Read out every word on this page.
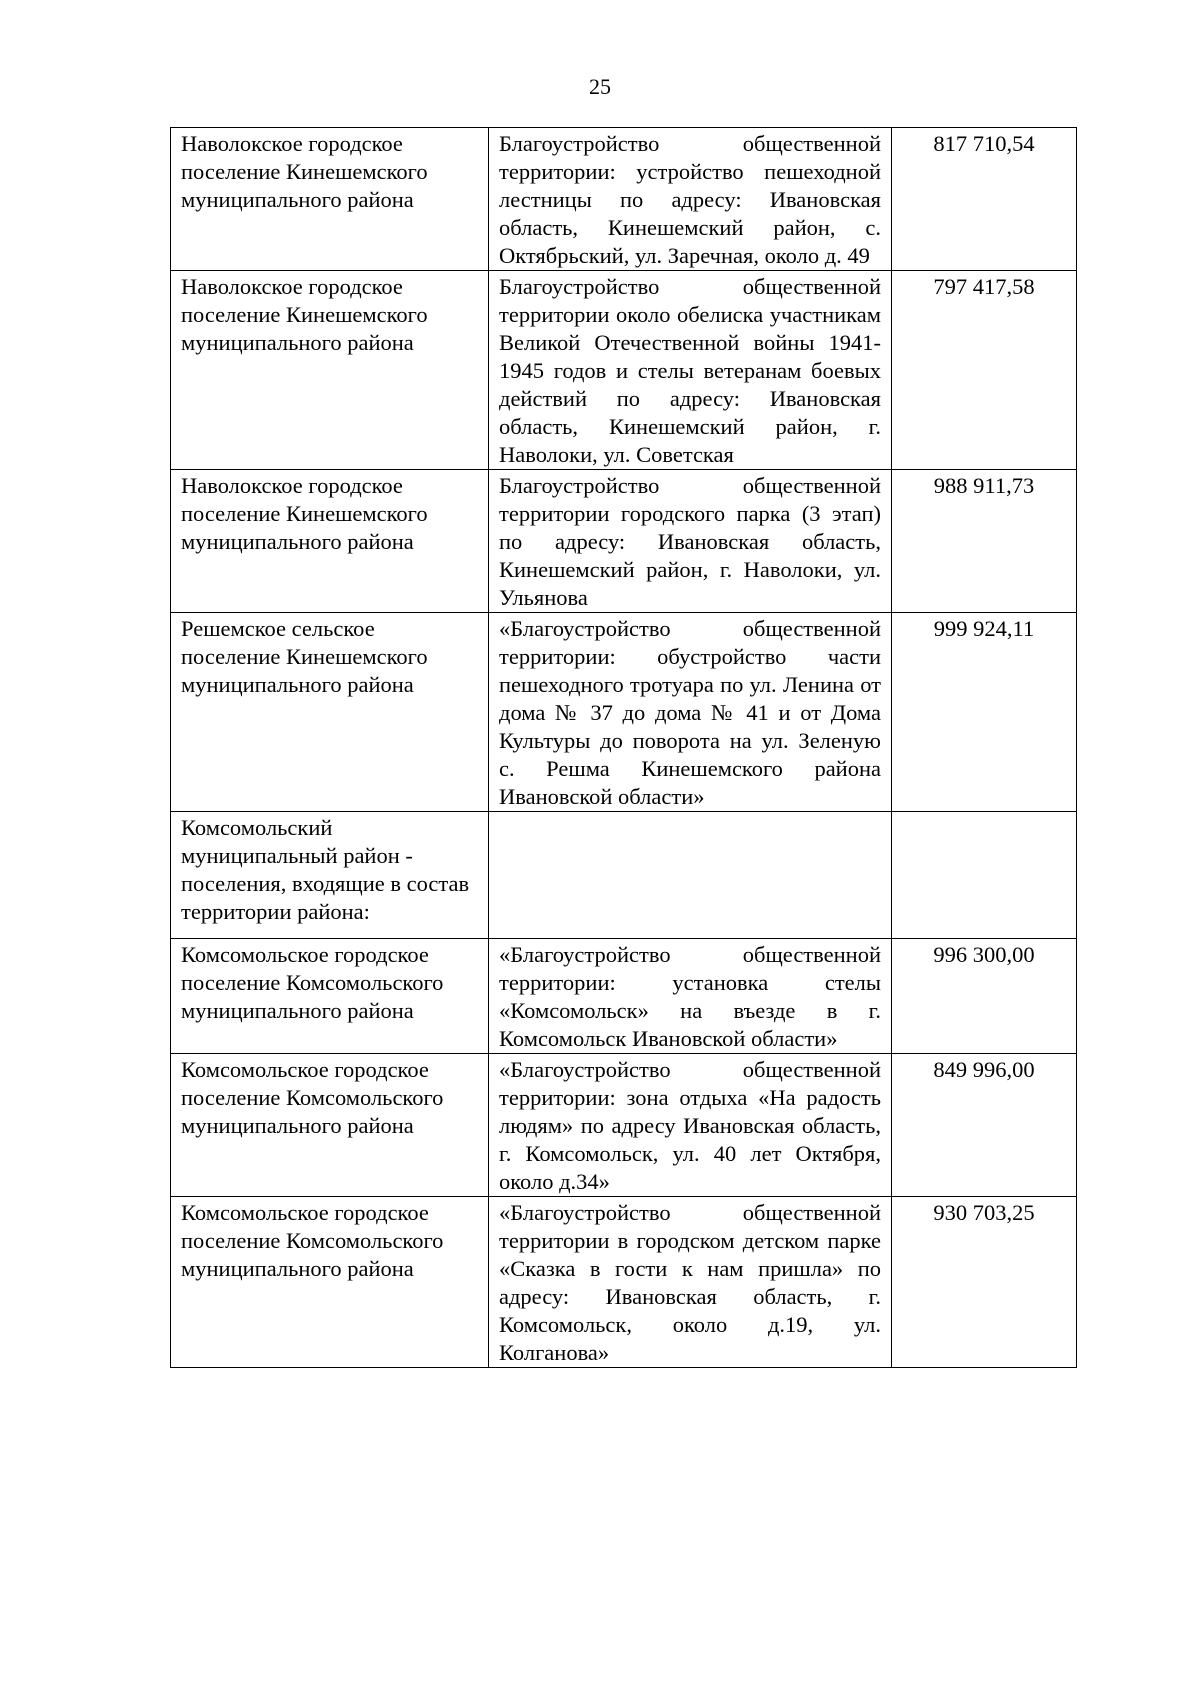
25
Наволокское городское поселение Кинешемского муниципального района	Благоустройство общественной территории: устройство пешеходной лестницы по адресу: Ивановская область, Кинешемский район, с. Октябрьский, ул. Заречная, около д. 49	817 710,54
Наволокское городское поселение Кинешемского муниципального района	Благоустройство общественной территории около обелиска участникам Великой Отечественной войны 1941-1945 годов и стелы ветеранам боевых действий по адресу: Ивановская область, Кинешемский район, г. Наволоки, ул. Советская	797 417,58
Наволокское городское поселение Кинешемского муниципального района	Благоустройство общественной территории городского парка (3 этап) по адресу: Ивановская область, Кинешемский район, г. Наволоки, ул. Ульянова	988 911,73
Решемское сельское поселение Кинешемского муниципального района	«Благоустройство общественной территории: обустройство части пешеходного тротуара по ул. Ленина от дома № 37 до дома № 41 и от Дома Культуры до поворота на ул. Зеленую с. Решма Кинешемского района Ивановской области»	999 924,11
Комсомольский муниципальный район - поселения, входящие в состав территории района:		
Комсомольское городское поселение Комсомольского муниципального района	«Благоустройство общественной территории: установка стелы «Комсомольск» на въезде в г. Комсомольск Ивановской области»	996 300,00
Комсомольское городское поселение Комсомольского муниципального района	«Благоустройство общественной территории: зона отдыха «На радость людям» по адресу Ивановская область, г. Комсомольск, ул. 40 лет Октября, около д.34»	849 996,00
Комсомольское городское поселение Комсомольского муниципального района	«Благоустройство общественной территории в городском детском парке «Сказка в гости к нам пришла» по адресу: Ивановская область, г. Комсомольск, около д.19, ул. Колганова»	930 703,25
